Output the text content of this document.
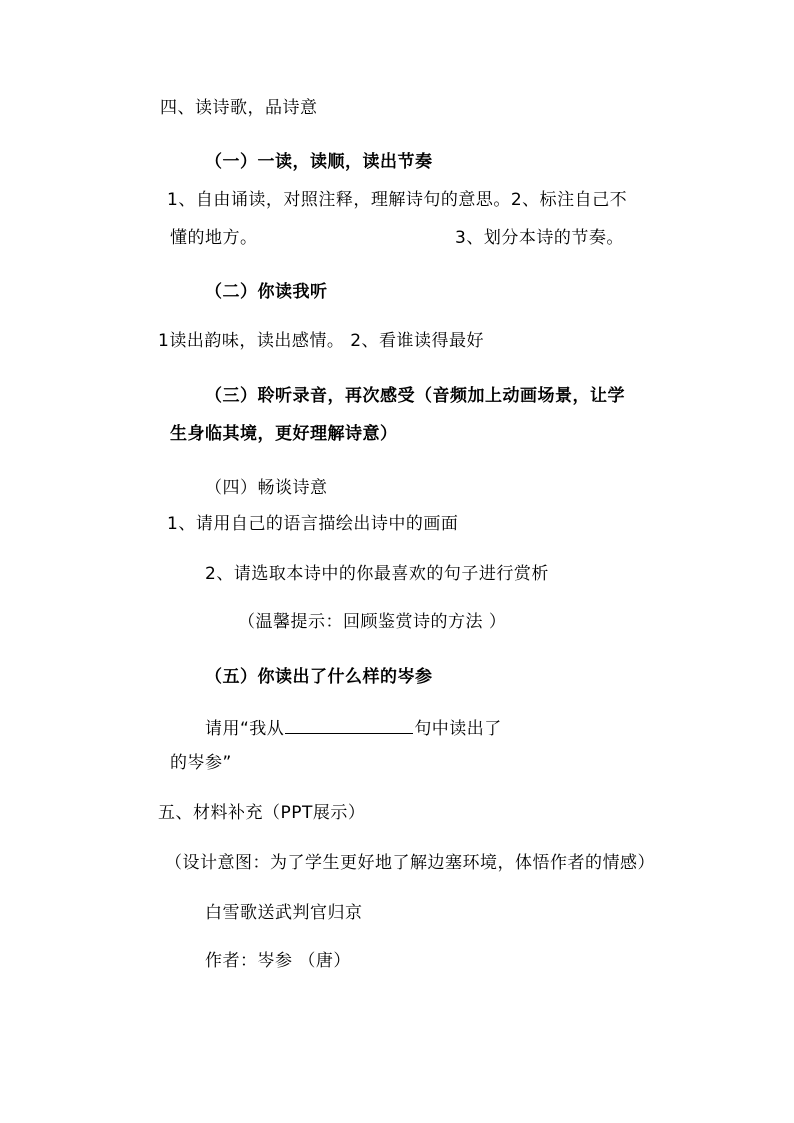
四、读诗歌，品诗意
（一）一读，读顺，读出节奏
1、自由诵读，对照注释，理解诗句的意思。2、标注自己不
懂的地方。	3、划分本诗的节奏。
（二）你读我听
1读出韵味，读出感情。 2、看谁读得最好
（三）聆听录音，再次感受（音频加上动画场景，让学
生身临其境，更好理解诗意）
（四）畅谈诗意
1、请用自己的语言描绘出诗中的画面
2、请选取本诗中的你最喜欢的句子进行赏析
（温馨提示：回顾鉴赏诗的方法 ）
（五）你读出了什么样的岑参
请用“我从	句中读出了
的岑参”
五、材料补充（PPT展示）
（设计意图：为了学生更好地了解边塞环境，体悟作者的情感）
白雪歌送武判官归京
作者：岑参 （唐）
